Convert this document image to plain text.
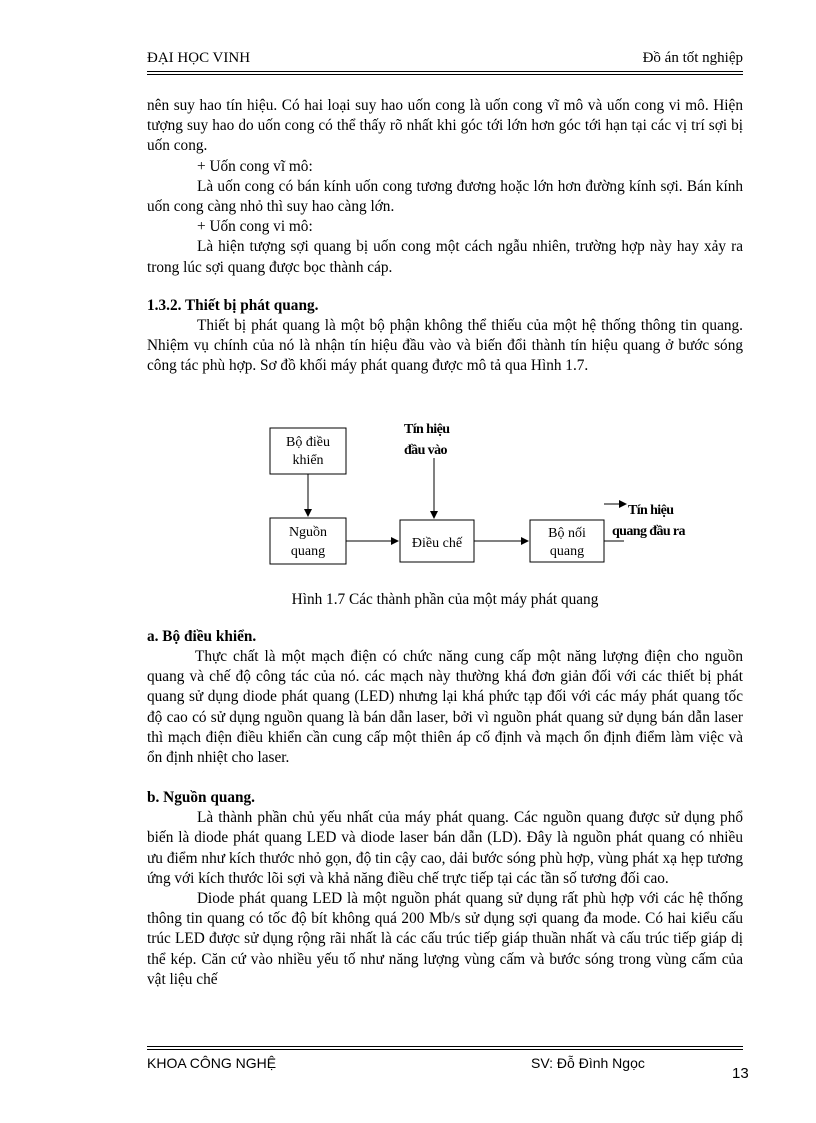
ĐẠI HỌC VINH	Đồ án tốt nghiệp

nên suy hao tín hiệu. Có hai loại suy hao uốn cong là uốn cong vĩ mô và uốn cong vi mô. Hiện tượng suy hao do uốn cong có thể thấy rõ nhất khi góc tới lớn hơn góc tới hạn tại các vị trí sợi bị uốn cong.

+ Uốn cong vĩ mô:

Là uốn cong có bán kính uốn cong tương đương hoặc lớn hơn đường kính sợi. Bán kính uốn cong càng nhỏ thì suy hao càng lớn.

+ Uốn cong vi mô:

Là hiện tượng sợi quang bị uốn cong một cách ngẫu nhiên, trường hợp này hay xảy ra trong lúc sợi quang được bọc thành cáp.

1.3.2. Thiết bị phát quang.

Thiết bị phát quang là một bộ phận không thể thiếu của một hệ thống thông tin quang. Nhiệm vụ chính của nó là nhận tín hiệu đầu vào và biến đổi thành tín hiệu quang ở bước sóng công tác phù hợp. Sơ đồ khối máy phát quang được mô tả qua Hình 1.7.

Bộ điều
khiển
Nguồn
quang
Điều chế
Bộ nối
quang
Tín hiệu
đầu vào
Tín hiệu
quang đầu ra
Hình 1.7 Các thành phần của một máy phát quang
a. Bộ điều khiển.

Thực chất là một mạch điện có chức năng cung cấp một năng lượng điện cho nguồn quang và chế độ công tác của nó. các mạch này thường khá đơn giản đối với các thiết bị phát quang sử dụng diode phát quang (LED) nhưng lại khá phức tạp đối với các máy phát quang tốc độ cao có sử dụng nguồn quang là bán dẫn laser, bởi vì nguồn phát quang sử dụng bán dẫn laser thì mạch điện điều khiển cần cung cấp một thiên áp cố định và mạch ổn định điểm làm việc và ổn định nhiệt cho laser.

b. Nguồn quang.

Là thành phần chủ yếu nhất của máy phát quang. Các nguồn quang được sử dụng phổ biến là diode phát quang LED và diode laser bán dẫn (LD). Đây là nguồn phát quang có nhiều ưu điểm như kích thước nhỏ gọn, độ tin cậy cao, dải bước sóng phù hợp, vùng phát xạ hẹp tương ứng với kích thước lõi sợi và khả năng điều chế trực tiếp tại các tần số tương đối cao.

Diode phát quang LED là một nguồn phát quang sử dụng rất phù hợp với các hệ thống thông tin quang có tốc độ bít không quá 200 Mb/s sử dụng sợi quang đa mode. Có hai kiểu cấu trúc LED được sử dụng rộng rãi nhất là các cấu trúc tiếp giáp thuần nhất và cấu trúc tiếp giáp dị thể kép. Căn cứ vào nhiều yếu tố như năng lượng vùng cấm và bước sóng trong vùng cấm của vật liệu chế

KHOA CÔNG NGHỆ	SV: Đỗ Đình Ngọc
13
